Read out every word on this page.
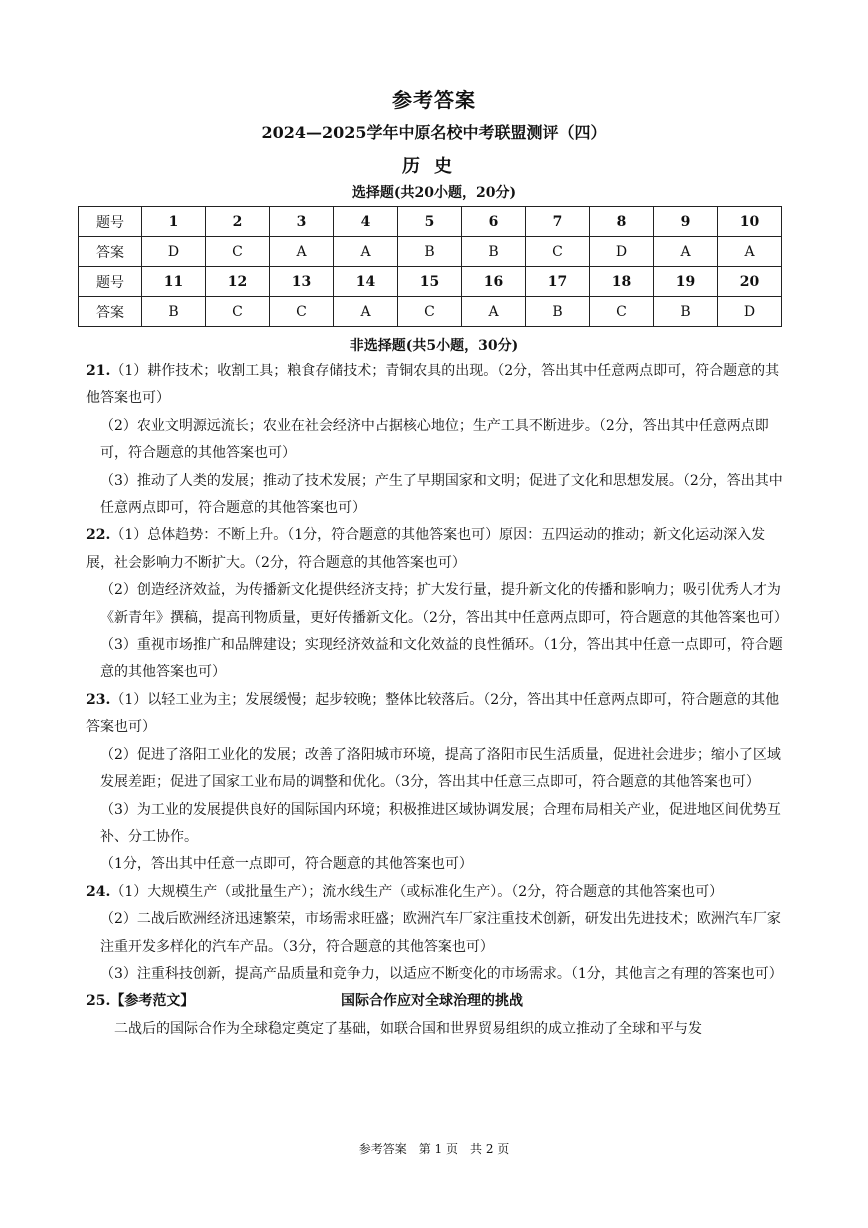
参考答案
2024—2025学年中原名校中考联盟测评（四）
历史
选择题(共20小题，20分)
题号	1	2	3	4	5	6	7	8	9	10
答案	D	C	A	A	B	B	C	D	A	A
题号	11	12	13	14	15	16	17	18	19	20
答案	B	C	C	A	C	A	B	C	B	D
非选择题(共5小题，30分)

21.（1）耕作技术；收割工具；粮食存储技术；青铜农具的出现。（2分，答出其中任意两点即可，符合题意的其他答案也可）

（2）农业文明源远流长；农业在社会经济中占据核心地位；生产工具不断进步。（2分，答出其中任意两点即可，符合题意的其他答案也可）

（3）推动了人类的发展；推动了技术发展；产生了早期国家和文明；促进了文化和思想发展。（2分，答出其中任意两点即可，符合题意的其他答案也可）

22.（1）总体趋势：不断上升。（1分，符合题意的其他答案也可）原因：五四运动的推动；新文化运动深入发展，社会影响力不断扩大。（2分，符合题意的其他答案也可）

（2）创造经济效益，为传播新文化提供经济支持；扩大发行量，提升新文化的传播和影响力；吸引优秀人才为《新青年》撰稿，提高刊物质量，更好传播新文化。（2分，答出其中任意两点即可，符合题意的其他答案也可）

（3）重视市场推广和品牌建设；实现经济效益和文化效益的良性循环。（1分，答出其中任意一点即可，符合题意的其他答案也可）

23.（1）以轻工业为主；发展缓慢；起步较晚；整体比较落后。（2分，答出其中任意两点即可，符合题意的其他答案也可）

（2）促进了洛阳工业化的发展；改善了洛阳城市环境，提高了洛阳市民生活质量，促进社会进步；缩小了区域发展差距；促进了国家工业布局的调整和优化。（3分，答出其中任意三点即可，符合题意的其他答案也可）

（3）为工业的发展提供良好的国际国内环境；积极推进区域协调发展；合理布局相关产业，促进地区间优势互补、分工协作。

（1分，答出其中任意一点即可，符合题意的其他答案也可）

24.（1）大规模生产（或批量生产）；流水线生产（或标准化生产）。（2分，符合题意的其他答案也可）

（2）二战后欧洲经济迅速繁荣，市场需求旺盛；欧洲汽车厂家注重技术创新，研发出先进技术；欧洲汽车厂家注重开发多样化的汽车产品。（3分，符合题意的其他答案也可）

（3）注重科技创新，提高产品质量和竞争力，以适应不断变化的市场需求。（1分，其他言之有理的答案也可）

25.【参考范文】	国际合作应对全球治理的挑战

二战后的国际合作为全球稳定奠定了基础，如联合国和世界贸易组织的成立推动了全球和平与发

参考答案　第 1 页　共 2 页
